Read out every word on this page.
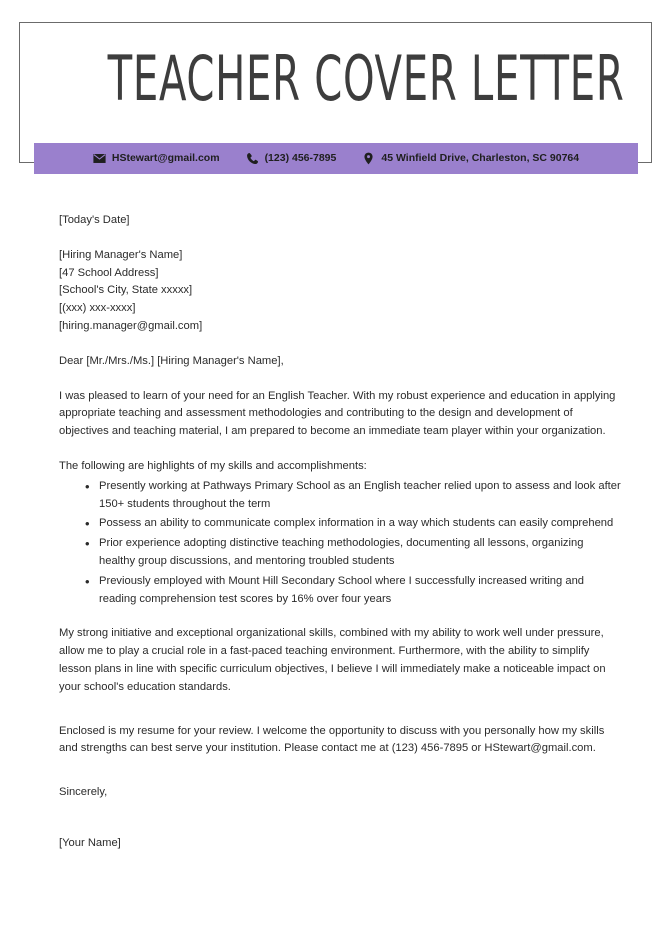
TEACHER COVER LETTER
HStewart@gmail.com	(123) 456-7895	45 Winfield Drive, Charleston, SC 90764

[Today's Date]

[Hiring Manager's Name]
[47 School Address]
[School's City, State xxxxx]
[(xxx) xxx-xxxx]
[hiring.manager@gmail.com]

Dear [Mr./Mrs./Ms.] [Hiring Manager's Name],

I was pleased to learn of your need for an English Teacher. With my robust experience and education in applying appropriate teaching and assessment methodologies and contributing to the design and development of objectives and teaching material, I am prepared to become an immediate team player within your organization.

The following are highlights of my skills and accomplishments:

• Presently working at Pathways Primary School as an English teacher relied upon to assess and look after 150+ students throughout the term
• Possess an ability to communicate complex information in a way which students can easily comprehend
• Prior experience adopting distinctive teaching methodologies, documenting all lessons, organizing healthy group discussions, and mentoring troubled students
• Previously employed with Mount Hill Secondary School where I successfully increased writing and reading comprehension test scores by 16% over four years

My strong initiative and exceptional organizational skills, combined with my ability to work well under pressure, allow me to play a crucial role in a fast-paced teaching environment. Furthermore, with the ability to simplify lesson plans in line with specific curriculum objectives, I believe I will immediately make a noticeable impact on your school's education standards.

Enclosed is my resume for your review. I welcome the opportunity to discuss with you personally how my skills and strengths can best serve your institution. Please contact me at (123) 456-7895 or HStewart@gmail.com.

Sincerely,

[Your Name]
